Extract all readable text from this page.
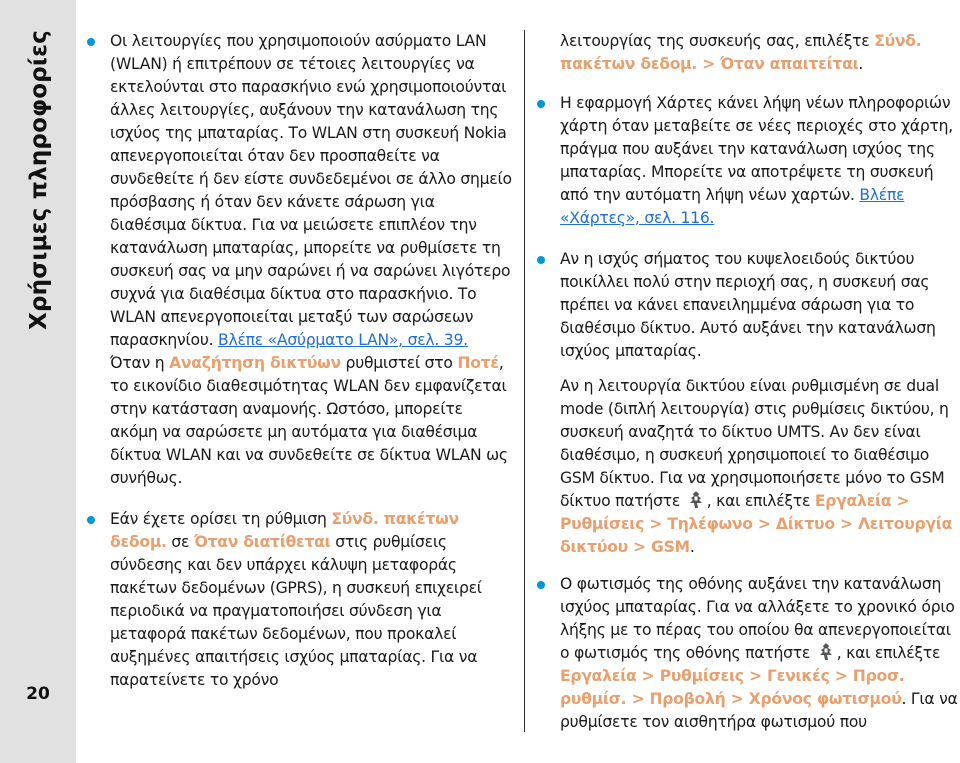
Χρήσιμες πληροφορίες
20

Οι λειτουργίες που χρησιμοποιούν ασύρματο LAN (WLAN) ή επιτρέπουν σε τέτοιες λειτουργίες να εκτελούνται στο παρασκήνιο ενώ χρησιμοποιούνται άλλες λειτουργίες, αυξάνουν την κατανάλωση της ισχύος της μπαταρίας. Το WLAN στη συσκευή Nokia απενεργοποιείται όταν δεν προσπαθείτε να συνδεθείτε ή δεν είστε συνδεδεμένοι σε άλλο σημείο πρόσβασης ή όταν δεν κάνετε σάρωση για διαθέσιμα δίκτυα. Για να μειώσετε επιπλέον την κατανάλωση μπαταρίας, μπορείτε να ρυθμίσετε τη συσκευή σας να μην σαρώνει ή να σαρώνει λιγότερο συχνά για διαθέσιμα δίκτυα στο παρασκήνιο. Το WLAN απενεργοποιείται μεταξύ των σαρώσεων παρασκηνίου. Βλέπε «Ασύρματο LAN», σελ. 39. Όταν η Αναζήτηση δικτύων ρυθμιστεί στο Ποτέ, το εικονίδιο διαθεσιμότητας WLAN δεν εμφανίζεται στην κατάσταση αναμονής. Ωστόσο, μπορείτε ακόμη να σαρώσετε μη αυτόματα για διαθέσιμα δίκτυα WLAN και να συνδεθείτε σε δίκτυα WLAN ως συνήθως.

Εάν έχετε ορίσει τη ρύθμιση Σύνδ. πακέτων δεδομ. σε Όταν διατίθεται στις ρυθμίσεις σύνδεσης και δεν υπάρχει κάλυψη μεταφοράς πακέτων δεδομένων (GPRS), η συσκευή επιχειρεί περιοδικά να πραγματοποιήσει σύνδεση για μεταφορά πακέτων δεδομένων, που προκαλεί αυξημένες απαιτήσεις ισχύος μπαταρίας. Για να παρατείνετε το χρόνο

λειτουργίας της συσκευής σας, επιλέξτε Σύνδ. πακέτων δεδομ. > Όταν απαιτείται.

Η εφαρμογή Χάρτες κάνει λήψη νέων πληροφοριών χάρτη όταν μεταβείτε σε νέες περιοχές στο χάρτη, πράγμα που αυξάνει την κατανάλωση ισχύος της μπαταρίας. Μπορείτε να αποτρέψετε τη συσκευή από την αυτόματη λήψη νέων χαρτών. Βλέπε «Χάρτες», σελ. 116.

Αν η ισχύς σήματος του κυψελοειδούς δικτύου ποικίλλει πολύ στην περιοχή σας, η συσκευή σας πρέπει να κάνει επανειλημμένα σάρωση για το διαθέσιμο δίκτυο. Αυτό αυξάνει την κατανάλωση ισχύος μπαταρίας.

Αν η λειτουργία δικτύου είναι ρυθμισμένη σε dual mode (διπλή λειτουργία) στις ρυθμίσεις δικτύου, η συσκευή αναζητά το δίκτυο UMTS. Αν δεν είναι διαθέσιμο, η συσκευή χρησιμοποιεί το διαθέσιμο GSM δίκτυο. Για να χρησιμοποιήσετε μόνο το GSM δίκτυο πατήστε , και επιλέξτε Εργαλεία > Ρυθμίσεις > Τηλέφωνο > Δίκτυο > Λειτουργία δικτύου > GSM.

Ο φωτισμός της οθόνης αυξάνει την κατανάλωση ισχύος μπαταρίας. Για να αλλάξετε το χρονικό όριο λήξης με το πέρας του οποίου θα απενεργοποιείται ο φωτισμός της οθόνης πατήστε , και επιλέξτε Εργαλεία > Ρυθμίσεις > Γενικές > Προσ. ρυθμίσ. > Προβολή > Χρόνος φωτισμού. Για να ρυθμίσετε τον αισθητήρα φωτισμού που
